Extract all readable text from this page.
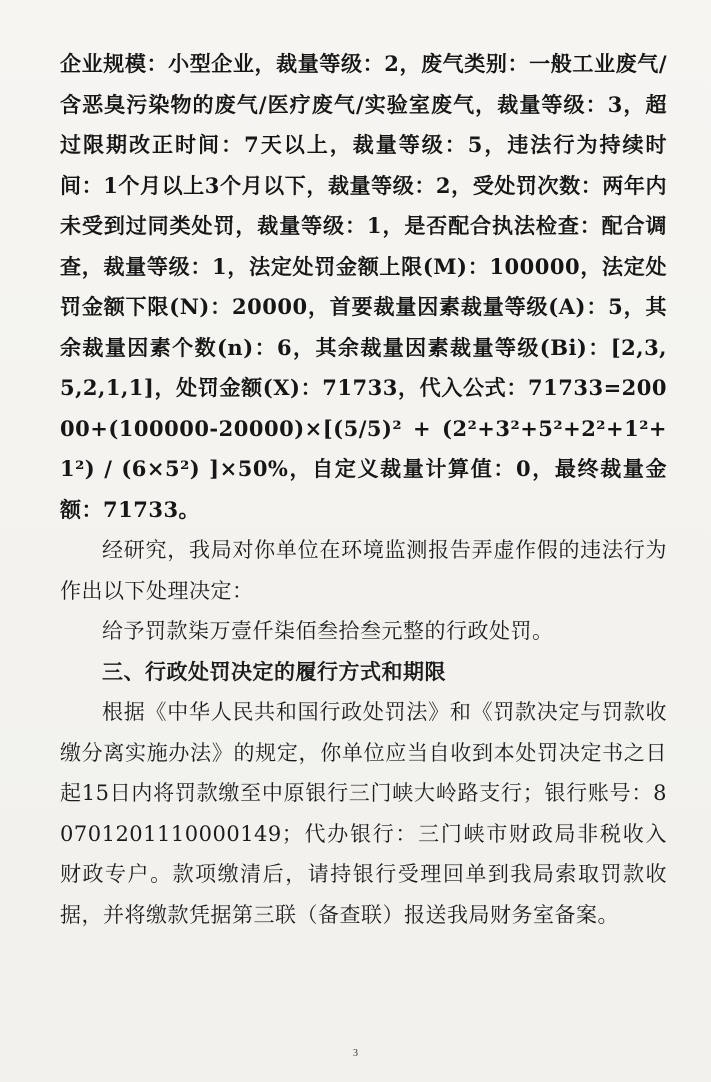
企业规模：小型企业，裁量等级：2，废气类别：一般工业废气/含恶臭污染物的废气/医疗废气/实验室废气，裁量等级：3，超过限期改正时间：7天以上，裁量等级：5，违法行为持续时间：1个月以上3个月以下，裁量等级：2，受处罚次数：两年内未受到过同类处罚，裁量等级：1，是否配合执法检查：配合调查，裁量等级：1，法定处罚金额上限(M)：100000，法定处罚金额下限(N)：20000，首要裁量因素裁量等级(A)：5，其余裁量因素个数(n)：6，其余裁量因素裁量等级(Bi)：[2,3,5,2,1,1]，处罚金额(X)：71733，代入公式：71733=20000+(100000-20000)×[(5/5)² + (2²+3²+5²+2²+1²+1²) / (6×5²) ]×50%，自定义裁量计算值：0，最终裁量金额：71733。

经研究，我局对你单位在环境监测报告弄虚作假的违法行为作出以下处理决定：

给予罚款柒万壹仟柒佰叁拾叁元整的行政处罚。

三、行政处罚决定的履行方式和期限

根据《中华人民共和国行政处罚法》和《罚款决定与罚款收缴分离实施办法》的规定，你单位应当自收到本处罚决定书之日起15日内将罚款缴至中原银行三门峡大岭路支行；银行账号：80701201110000149；代办银行：三门峡市财政局非税收入财政专户。款项缴清后，请持银行受理回单到我局索取罚款收据，并将缴款凭据第三联（备查联）报送我局财务室备案。

3
